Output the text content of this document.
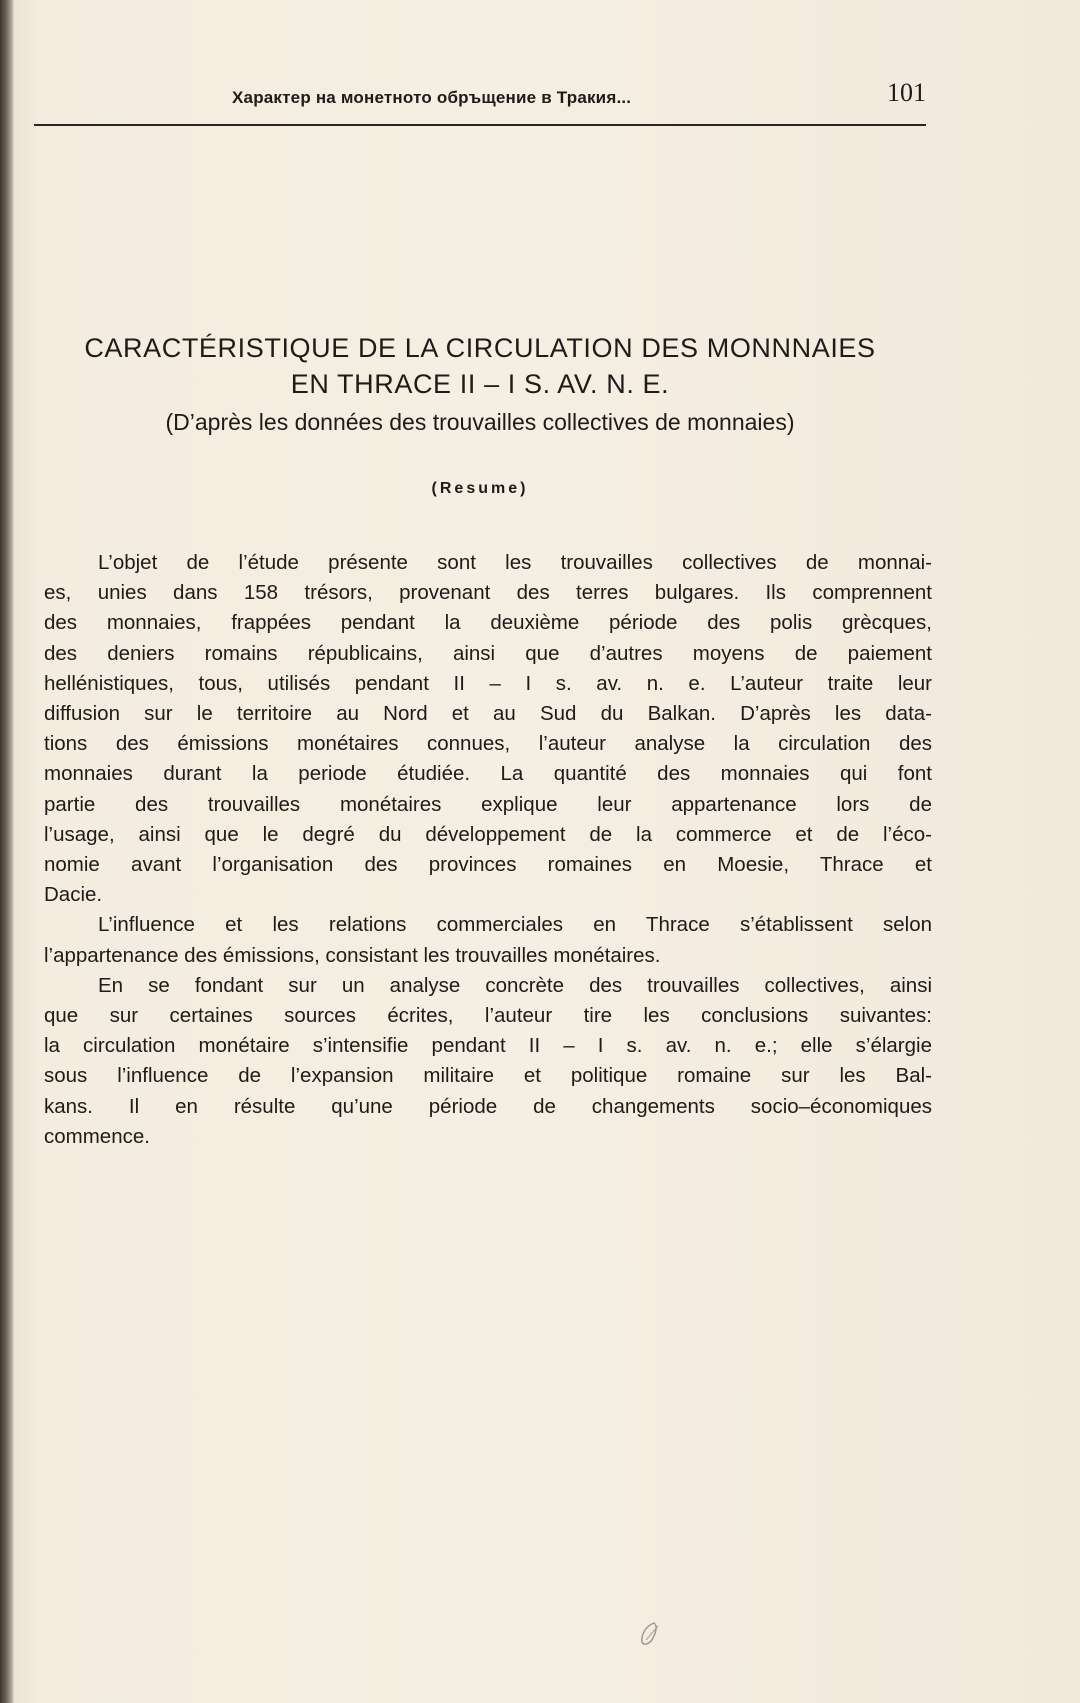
Характер на монетното обръщение в Тракия...	101
CARACTÉRISTIQUE DE LA CIRCULATION DES MONNNAIES
EN THRACE II – I S. AV. N. E.
(D’après les données des trouvailles collectives de monnaies)
(Resume)
L’objet de l’étude présente sont les trouvailles collectives de monnai-
es, unies dans 158 trésors, provenant des terres bulgares. Ils comprennent
des monnaies, frappées pendant la deuxième période des polis grècques,
des deniers romains républicains, ainsi que d’autres moyens de paiement
hellénistiques, tous, utilisés pendant II – I s. av. n. e. L’auteur traite leur
diffusion sur le territoire au Nord et au Sud du Balkan. D’après les data-
tions des émissions monétaires connues, l’auteur analyse la circulation des
monnaies durant la periode étudiée. La quantité des monnaies qui font
partie des trouvailles monétaires explique leur appartenance lors de
l’usage, ainsi que le degré du développement de la commerce et de l’éco-
nomie avant l’organisation des provinces romaines en Moesie, Thrace et
Dacie.
L’influence et les relations commerciales en Thrace s’établissent selon
l’appartenance des émissions, consistant les trouvailles monétaires.
En se fondant sur un analyse concrète des trouvailles collectives, ainsi
que sur certaines sources écrites, l’auteur tire les conclusions suivantes:
la circulation monétaire s’intensifie pendant II – I s. av. n. e.; elle s’élargie
sous l’influence de l’expansion militaire et politique romaine sur les Bal-
kans. Il en résulte qu’une période de changements socio–économiques
commence.
